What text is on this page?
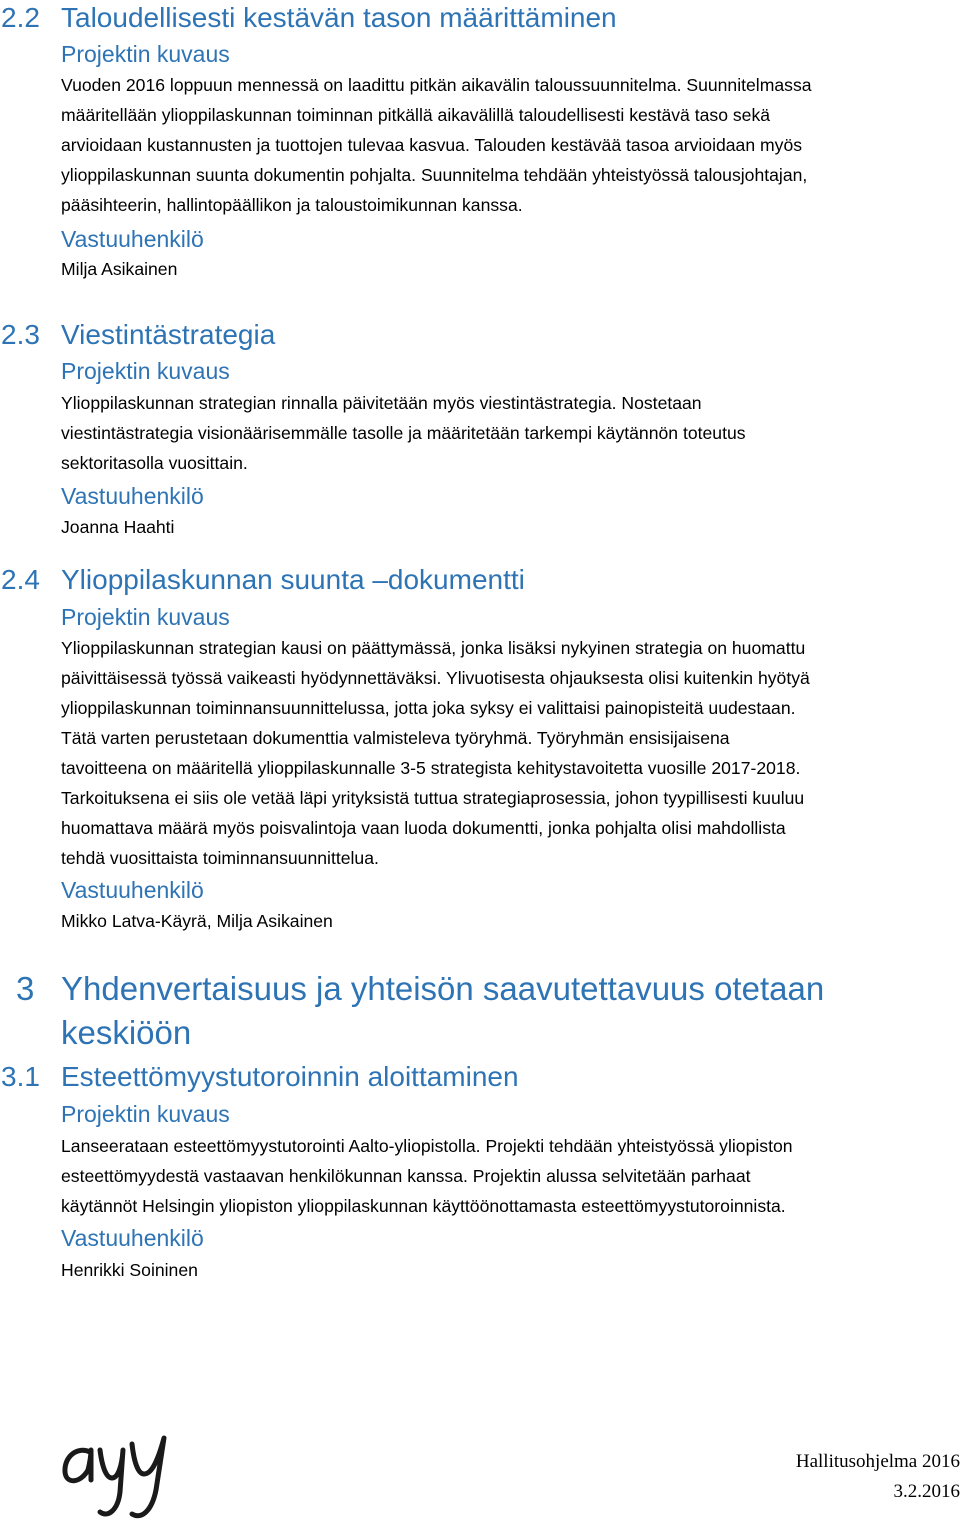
2.2 Taloudellisesti kestävän tason määrittäminen
Projektin kuvaus
Vuoden 2016 loppuun mennessä on laadittu pitkän aikavälin taloussuunnitelma. Suunnitelmassa
määritellään ylioppilaskunnan toiminnan pitkällä aikavälillä taloudellisesti kestävä taso sekä
arvioidaan kustannusten ja tuottojen tulevaa kasvua. Talouden kestävää tasoa arvioidaan myös
ylioppilaskunnan suunta dokumentin pohjalta. Suunnitelma tehdään yhteistyössä talousjohtajan,
pääsihteerin, hallintopäällikon ja taloustoimikunnan kanssa.
Vastuuhenkilö
Milja Asikainen
2.3 Viestintästrategia
Projektin kuvaus
Ylioppilaskunnan strategian rinnalla päivitetään myös viestintästrategia. Nostetaan
viestintästrategia visionäärisemmälle tasolle ja määritetään tarkempi käytännön toteutus
sektoritasolla vuosittain.
Vastuuhenkilö
Joanna Haahti
2.4 Ylioppilaskunnan suunta –dokumentti
Projektin kuvaus
Ylioppilaskunnan strategian kausi on päättymässä, jonka lisäksi nykyinen strategia on huomattu
päivittäisessä työssä vaikeasti hyödynnettäväksi. Ylivuotisesta ohjauksesta olisi kuitenkin hyötyä
ylioppilaskunnan toiminnansuunnittelussa, jotta joka syksy ei valittaisi painopisteitä uudestaan.
Tätä varten perustetaan dokumenttia valmisteleva työryhmä. Työryhmän ensisijaisena
tavoitteena on määritellä ylioppilaskunnalle 3-5 strategista kehitystavoitetta vuosille 2017-2018.
Tarkoituksena ei siis ole vetää läpi yrityksistä tuttua strategiaprosessia, johon tyypillisesti kuuluu
huomattava määrä myös poisvalintoja vaan luoda dokumentti, jonka pohjalta olisi mahdollista
tehdä vuosittaista toiminnansuunnittelua.
Vastuuhenkilö
Mikko Latva-Käyrä, Milja Asikainen
3 Yhdenvertaisuus ja yhteisön saavutettavuus otetaan keskiöön
3.1 Esteettömyystutoroinnin aloittaminen
Projektin kuvaus
Lanseerataan esteettömyystutorointi Aalto-yliopistolla. Projekti tehdään yhteistyössä yliopiston
esteettömyydestä vastaavan henkilökunnan kanssa. Projektin alussa selvitetään parhaat
käytännöt Helsingin yliopiston ylioppilaskunnan käyttöönottamasta esteettömyystutoroinnista.
Vastuuhenkilö
Henrikki Soininen
Hallitusohjelma 2016
3.2.2016
